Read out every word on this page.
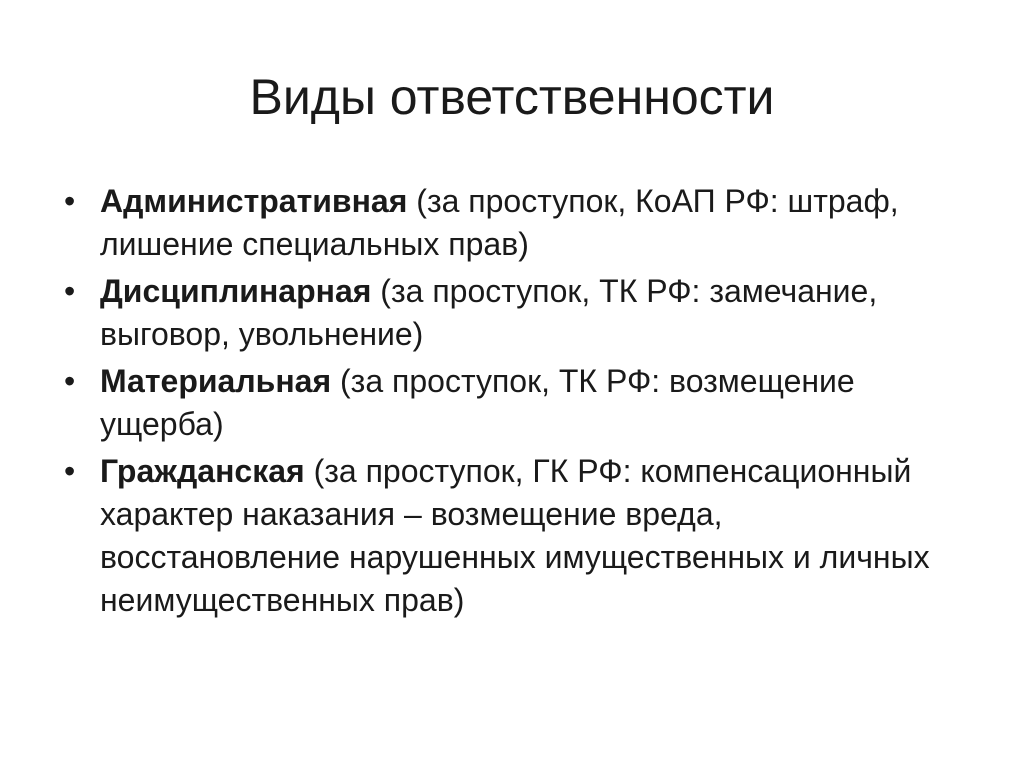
Виды ответственности
• Административная (за проступок, КоАП РФ: штраф, лишение специальных прав)
• Дисциплинарная (за проступок, ТК РФ: замечание, выговор, увольнение)
• Материальная (за проступок, ТК РФ: возмещение ущерба)
• Гражданская (за проступок, ГК РФ: компенсационный характер наказания – возмещение вреда, восстановление нарушенных имущественных и личных неимущественных прав)
